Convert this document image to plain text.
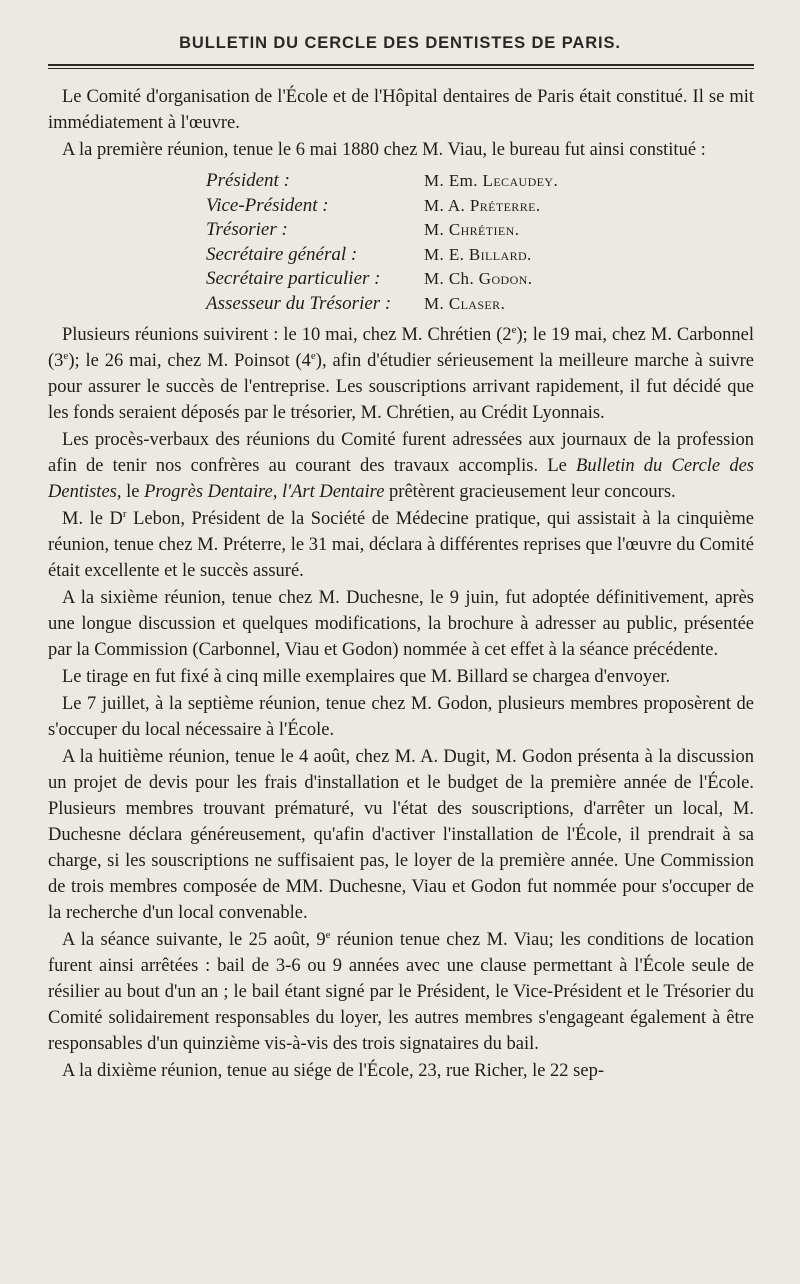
BULLETIN DU CERCLE DES DENTISTES DE PARIS.

Le Comité d'organisation de l'École et de l'Hôpital dentaires de Paris était constitué. Il se mit immédiatement à l'œuvre.

A la première réunion, tenue le 6 mai 1880 chez M. Viau, le bureau fut ainsi constitué :

Président :	M. Em. Lecaudey.
Vice-Président :	M. A. Préterre.
Trésorier :	M. Chrétien.
Secrétaire général :	M. E. Billard.
Secrétaire particulier :	M. Ch. Godon.
Assesseur du Trésorier :	M. Claser.

Plusieurs réunions suivirent : le 10 mai, chez M. Chrétien (2e); le 19 mai, chez M. Carbonnel (3e); le 26 mai, chez M. Poinsot (4e), afin d'étudier sérieusement la meilleure marche à suivre pour assurer le succès de l'entreprise. Les souscriptions arrivant rapidement, il fut décidé que les fonds seraient déposés par le trésorier, M. Chrétien, au Crédit Lyonnais.

Les procès-verbaux des réunions du Comité furent adressées aux journaux de la profession afin de tenir nos confrères au courant des travaux accomplis. Le Bulletin du Cercle des Dentistes, le Progrès Dentaire, l'Art Dentaire prêtèrent gracieusement leur concours.

M. le $D^r$ Lebon, Président de la Société de Médecine pratique, qui assistait à la cinquième réunion, tenue chez M. Préterre, le 31 mai, déclara à différentes reprises que l'œuvre du Comité était excellente et le succès assuré.

A la sixième réunion, tenue chez M. Duchesne, le 9 juin, fut adoptée définitivement, après une longue discussion et quelques modifications, la brochure à adresser au public, présentée par la Commission (Carbonnel, Viau et Godon) nommée à cet effet à la séance précédente.

Le tirage en fut fixé à cinq mille exemplaires que M. Billard se chargea d'envoyer.

Le 7 juillet, à la septième réunion, tenue chez M. Godon, plusieurs membres proposèrent de s'occuper du local nécessaire à l'École.

A la huitième réunion, tenue le 4 août, chez M. A. Dugit, M. Godon présenta à la discussion un projet de devis pour les frais d'installation et le budget de la première année de l'École. Plusieurs membres trouvant prématuré, vu l'état des souscriptions, d'arrêter un local, M. Duchesne déclara généreusement, qu'afin d'activer l'installation de l'École, il prendrait à sa charge, si les souscriptions ne suffisaient pas, le loyer de la première année. Une Commission de trois membres composée de MM. Duchesne, Viau et Godon fut nommée pour s'occuper de la recherche d'un local convenable.

A la séance suivante, le 25 août, 9e réunion tenue chez M. Viau; les conditions de location furent ainsi arrêtées : bail de 3-6 ou 9 années avec une clause permettant à l'École seule de résilier au bout d'un an ; le bail étant signé par le Président, le Vice-Président et le Trésorier du Comité solidairement responsables du loyer, les autres membres s'engageant également à être responsables d'un quinzième vis-à-vis des trois signataires du bail.

A la dixième réunion, tenue au siége de l'École, 23, rue Richer, le 22 sep-
